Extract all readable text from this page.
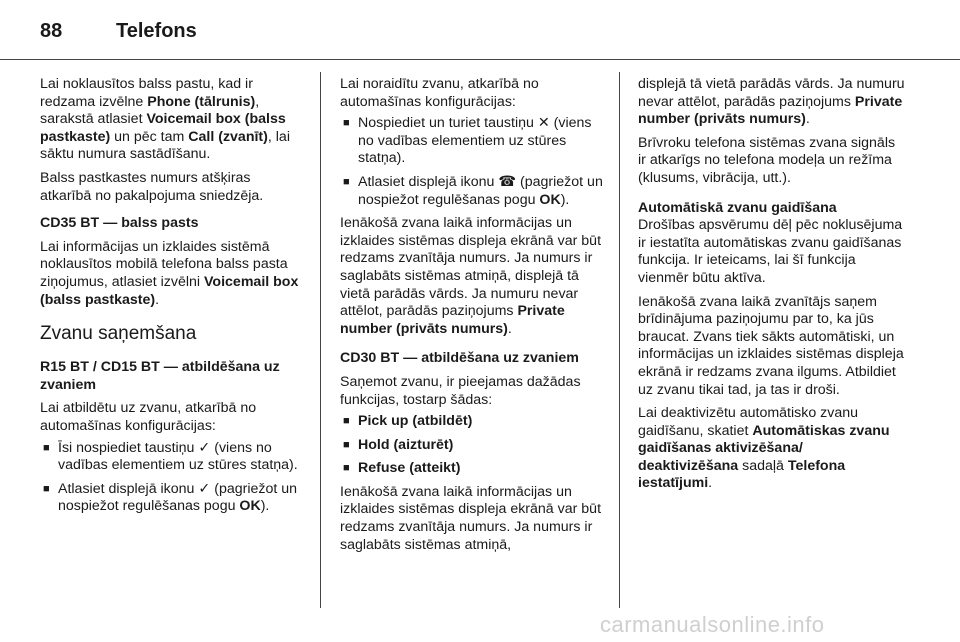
88	Telefons

Lai noklausītos balss pastu, kad ir redzama izvēlne Phone (tālrunis), sarakstā atlasiet Voicemail box (balss pastkaste) un pēc tam Call (zvanīt), lai sāktu numura sastādīšanu.

Balss pastkastes numurs atšķiras atkarībā no pakalpojuma sniedzēja.

CD35 BT — balss pasts

Lai informācijas un izklaides sistēmā noklausītos mobilā telefona balss pasta ziņojumus, atlasiet izvēlni Voicemail box (balss pastkaste).

Zvanu saņemšana

R15 BT / CD15 BT — atbildēšana uz zvaniem

Lai atbildētu uz zvanu, atkarībā no automašīnas konfigurācijas:

■ Īsi nospiediet taustiņu ✓ (viens no vadības elementiem uz stūres statņa).
■ Atlasiet displejā ikonu ✓ (pagriežot un nospiežot regulēšanas pogu OK).

Lai noraidītu zvanu, atkarībā no automašīnas konfigurācijas:

■ Nospiediet un turiet taustiņu ✕ (viens no vadības elementiem uz stūres statņa).
■ Atlasiet displejā ikonu ☎ (pagriežot un nospiežot regulēšanas pogu OK).

Ienākošā zvana laikā informācijas un izklaides sistēmas displeja ekrānā var būt redzams zvanītāja numurs. Ja numurs ir saglabāts sistēmas atmiņā, displejā tā vietā parādās vārds. Ja numuru nevar attēlot, parādās paziņojums Private number (privāts numurs).

CD30 BT — atbildēšana uz zvaniem

Saņemot zvanu, ir pieejamas dažādas funkcijas, tostarp šādas:

■ Pick up (atbildēt)
■ Hold (aizturēt)
■ Refuse (atteikt)

Ienākošā zvana laikā informācijas un izklaides sistēmas displeja ekrānā var būt redzams zvanītāja numurs. Ja numurs ir saglabāts sistēmas atmiņā,

displejā tā vietā parādās vārds. Ja numuru nevar attēlot, parādās paziņojums Private number (privāts numurs).

Brīvroku telefona sistēmas zvana signāls ir atkarīgs no telefona modeļa un režīma (klusums, vibrācija, utt.).

Automātiskā zvanu gaidīšana

Drošības apsvērumu dēļ pēc noklusējuma ir iestatīta automātiskas zvanu gaidīšanas funkcija. Ir ieteicams, lai šī funkcija vienmēr būtu aktīva.

Ienākošā zvana laikā zvanītājs saņem brīdinājuma paziņojumu par to, ka jūs braucat. Zvans tiek sākts automātiski, un informācijas un izklaides sistēmas displeja ekrānā ir redzams zvana ilgums. Atbildiet uz zvanu tikai tad, ja tas ir droši.

Lai deaktivizētu automātisko zvanu gaidīšanu, skatiet Automātiskas zvanu gaidīšanas aktivizēšana/ deaktivizēšana sadaļā Telefona iestatījumi.

carmanualsonline.info
